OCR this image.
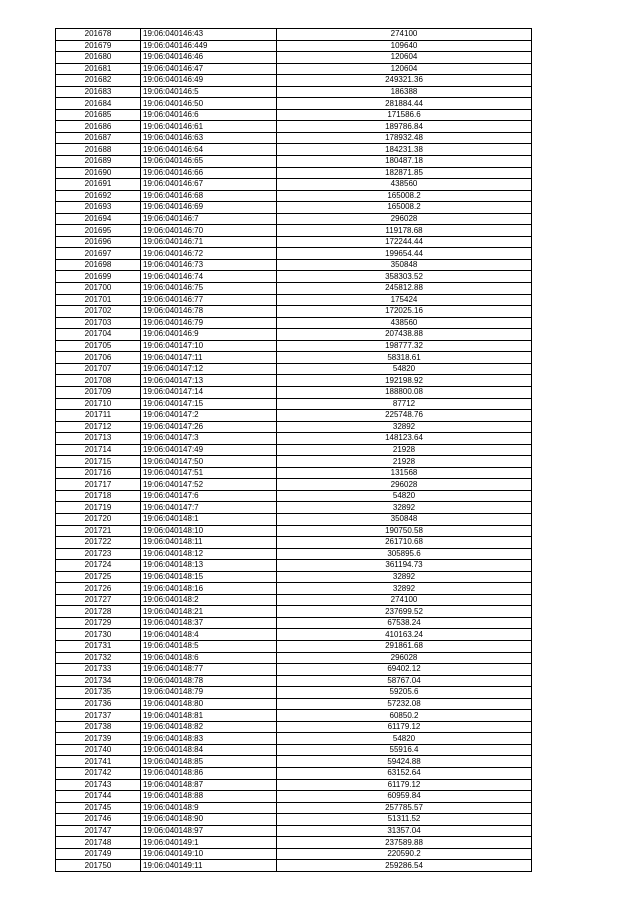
201678	19:06:040146:43	274100
201679	19:06:040146:449	109640
201680	19:06:040146:46	120604
201681	19:06:040146:47	120604
201682	19:06:040146:49	249321.36
201683	19:06:040146:5	186388
201684	19:06:040146:50	281884.44
201685	19:06:040146:6	171586.6
201686	19:06:040146:61	189786.84
201687	19:06:040146:63	178932.48
201688	19:06:040146:64	184231.38
201689	19:06:040146:65	180487.18
201690	19:06:040146:66	182871.85
201691	19:06:040146:67	438560
201692	19:06:040146:68	165008.2
201693	19:06:040146:69	165008.2
201694	19:06:040146:7	296028
201695	19:06:040146:70	119178.68
201696	19:06:040146:71	172244.44
201697	19:06:040146:72	199654.44
201698	19:06:040146:73	350848
201699	19:06:040146:74	358303.52
201700	19:06:040146:75	245812.88
201701	19:06:040146:77	175424
201702	19:06:040146:78	172025.16
201703	19:06:040146:79	438560
201704	19:06:040146:9	207438.88
201705	19:06:040147:10	198777.32
201706	19:06:040147:11	58318.61
201707	19:06:040147:12	54820
201708	19:06:040147:13	192198.92
201709	19:06:040147:14	188800.08
201710	19:06:040147:15	87712
201711	19:06:040147:2	225748.76
201712	19:06:040147:26	32892
201713	19:06:040147:3	148123.64
201714	19:06:040147:49	21928
201715	19:06:040147:50	21928
201716	19:06:040147:51	131568
201717	19:06:040147:52	296028
201718	19:06:040147:6	54820
201719	19:06:040147:7	32892
201720	19:06:040148:1	350848
201721	19:06:040148:10	190750.58
201722	19:06:040148:11	261710.68
201723	19:06:040148:12	305895.6
201724	19:06:040148:13	361194.73
201725	19:06:040148:15	32892
201726	19:06:040148:16	32892
201727	19:06:040148:2	274100
201728	19:06:040148:21	237699.52
201729	19:06:040148:37	67538.24
201730	19:06:040148:4	410163.24
201731	19:06:040148:5	291861.68
201732	19:06:040148:6	296028
201733	19:06:040148:77	69402.12
201734	19:06:040148:78	58767.04
201735	19:06:040148:79	59205.6
201736	19:06:040148:80	57232.08
201737	19:06:040148:81	60850.2
201738	19:06:040148:82	61179.12
201739	19:06:040148:83	54820
201740	19:06:040148:84	55916.4
201741	19:06:040148:85	59424.88
201742	19:06:040148:86	63152.64
201743	19:06:040148:87	61179.12
201744	19:06:040148:88	60959.84
201745	19:06:040148:9	257785.57
201746	19:06:040148:90	51311.52
201747	19:06:040148:97	31357.04
201748	19:06:040149:1	237589.88
201749	19:06:040149:10	220590.2
201750	19:06:040149:11	259286.54
